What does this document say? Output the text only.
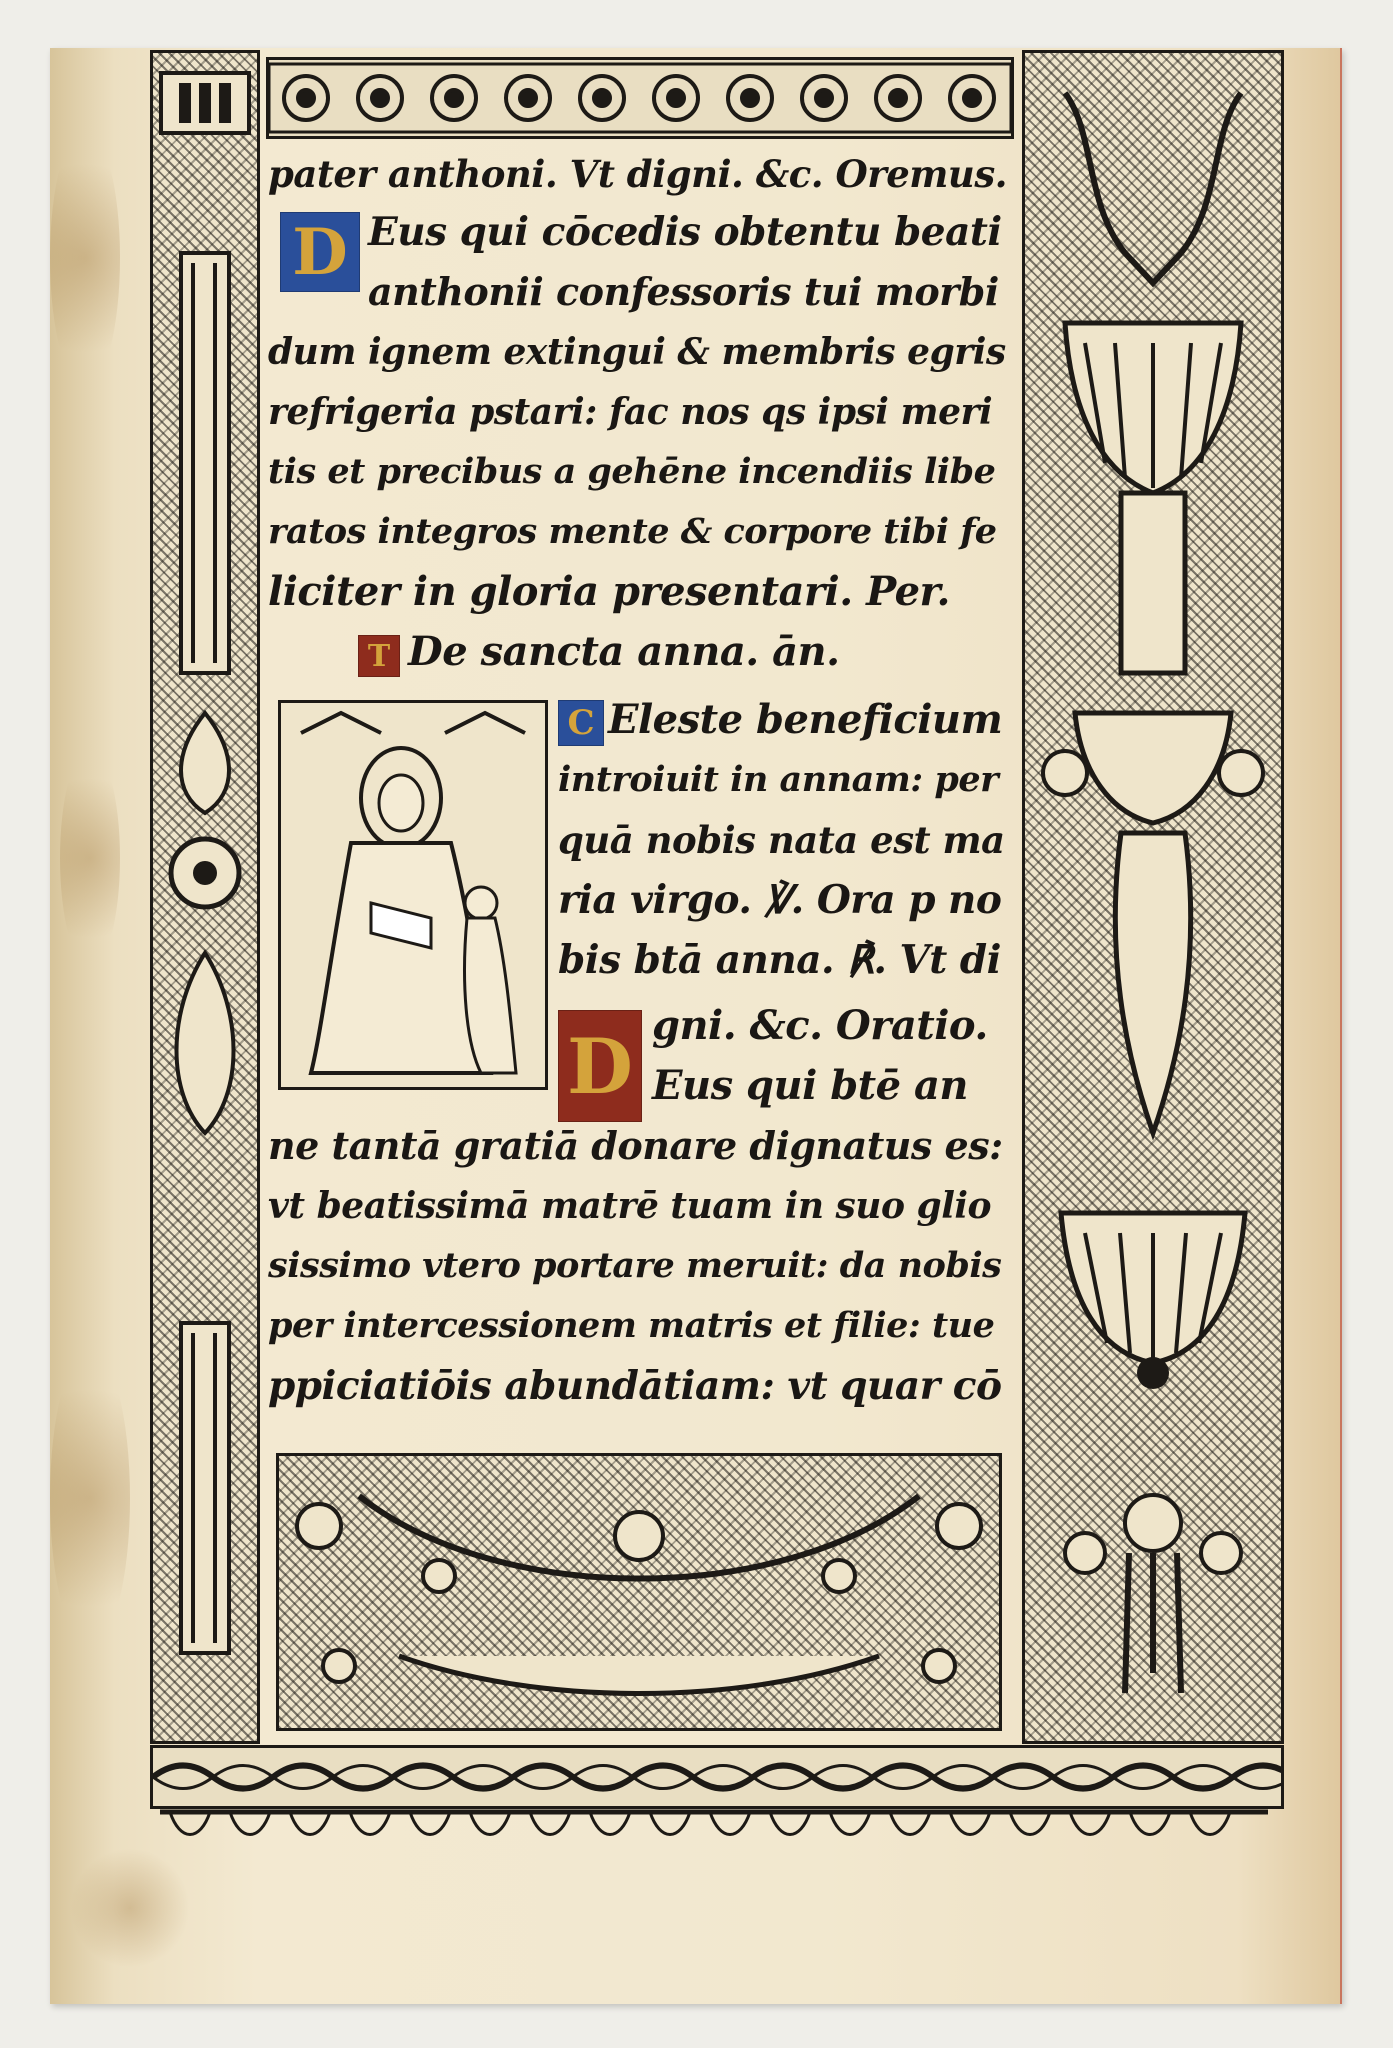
pater anthoni. Vt digni. &c. Oremus.
D Eus qui cōcedis obtentu beati
anthonii confessoris tui morbi
dum ignem extingui & membris egris
refrigeria pstari: fac nos qs ipsi meri
tis et precibus a gehēne incendiis libe
ratos integros mente & corpore tibi fe
liciter in gloria presentari. Per.
T De sancta anna. ān.
C Eleste beneficium
introiuit in annam: per
quā nobis nata est ma
ria virgo. ℣. Ora p no
bis btā anna. ℟. Vt di
D gni. &c. Oratio.
Eus qui btē an
ne tantā gratiā donare dignatus es:
vt beatissimā matrē tuam in suo glio
sissimo vtero portare meruit: da nobis
per intercessionem matris et filie: tue
ppiciatiōis abundātiam: vt quar cō
